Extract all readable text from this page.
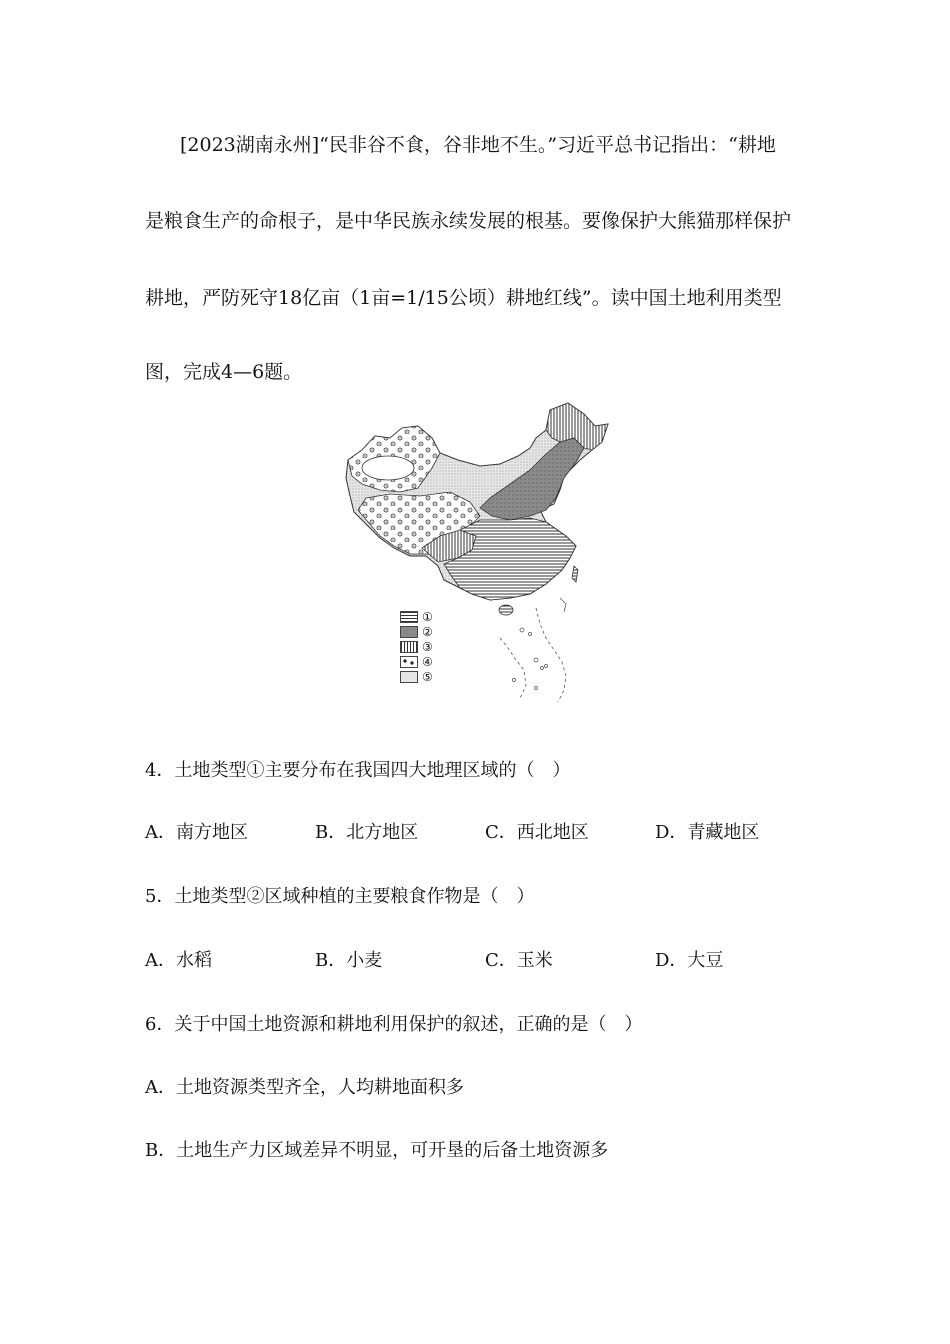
[2023湖南永州]“民非谷不食，谷非地不生。”习近平总书记指出：“耕地
是粮食生产的命根子，是中华民族永续发展的根基。要像保护大熊猫那样保护
耕地，严防死守18亿亩（1亩=1/15公顷）耕地红线”。读中国土地利用类型
图，完成4—6题。
①
②
③
④
⑤
4．土地类型①主要分布在我国四大地理区域的（　）
A．南方地区	B．北方地区	C．西北地区	D．青藏地区
5．土地类型②区域种植的主要粮食作物是（　）
A．水稻	B．小麦	C．玉米	D．大豆
6．关于中国土地资源和耕地利用保护的叙述，正确的是（　）
A．土地资源类型齐全，人均耕地面积多
B．土地生产力区域差异不明显，可开垦的后备土地资源多
